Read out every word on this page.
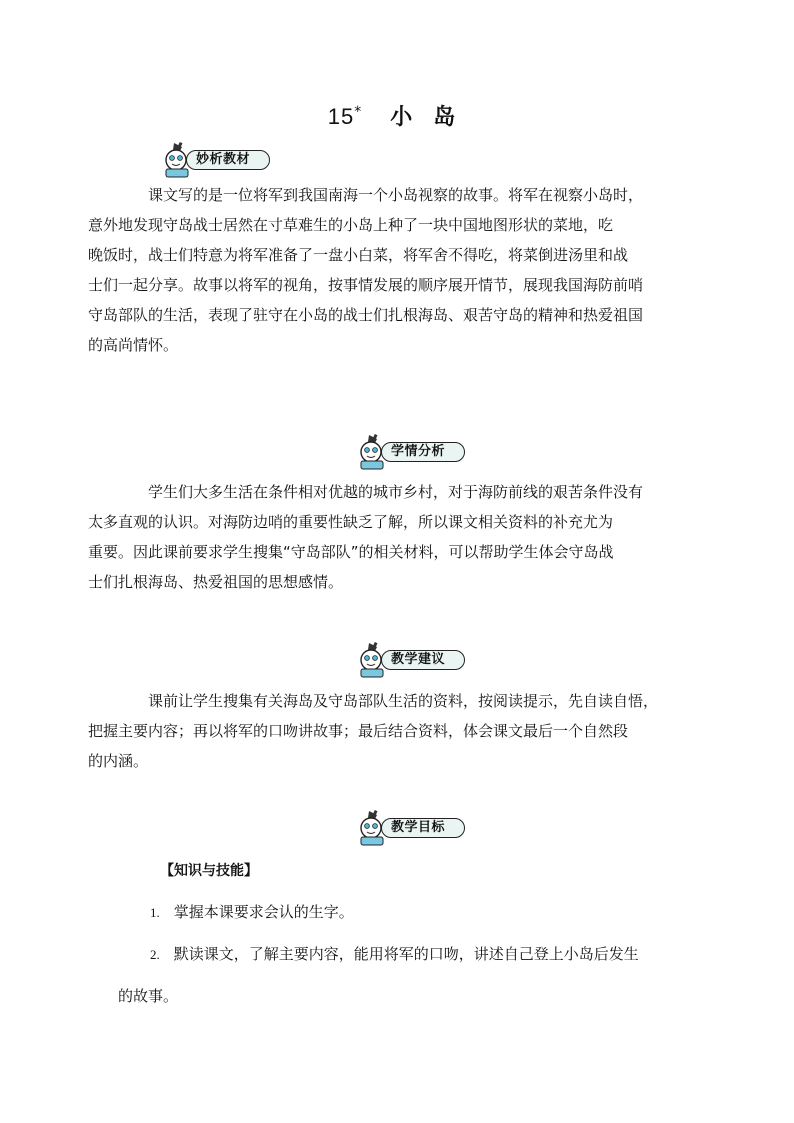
15* 小 岛
妙析教材
课文写的是一位将军到我国南海一个小岛视察的故事。将军在视察小岛时，
意外地发现守岛战士居然在寸草难生的小岛上种了一块中国地图形状的菜地，吃
晚饭时，战士们特意为将军准备了一盘小白菜，将军舍不得吃，将菜倒进汤里和战
士们一起分享。故事以将军的视角，按事情发展的顺序展开情节，展现我国海防前哨
守岛部队的生活，表现了驻守在小岛的战士们扎根海岛、艰苦守岛的精神和热爱祖国
的高尚情怀。
学情分析
学生们大多生活在条件相对优越的城市乡村，对于海防前线的艰苦条件没有
太多直观的认识。对海防边哨的重要性缺乏了解，所以课文相关资料的补充尤为
重要。因此课前要求学生搜集“守岛部队”的相关材料，可以帮助学生体会守岛战
士们扎根海岛、热爱祖国的思想感情。
教学建议
课前让学生搜集有关海岛及守岛部队生活的资料，按阅读提示，先自读自悟，
把握主要内容；再以将军的口吻讲故事；最后结合资料，体会课文最后一个自然段
的内涵。
教学目标
【知识与技能】
1. 掌握本课要求会认的生字。
2. 默读课文，了解主要内容，能用将军的口吻，讲述自己登上小岛后发生
的故事。
